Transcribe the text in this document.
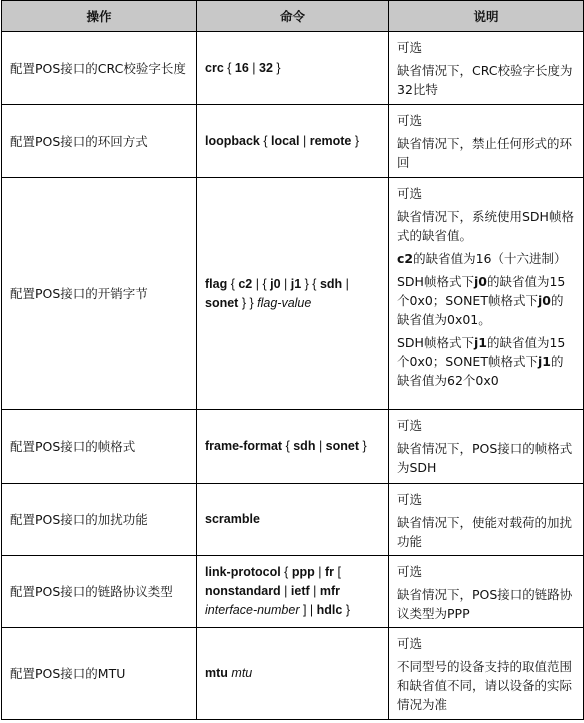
操作	命令	说明
配置POS接口的CRC校验字长度	crc { 16 | 32 }	可选

缺省情况下，CRC校验字长度为32比特

配置POS接口的环回方式	loopback { local | remote }	可选

缺省情况下，禁止任何形式的环回

配置POS接口的开销字节	flag { c2 | { j0 | j1 } { sdh | sonet } } flag-value	可选

缺省情况下，系统使用SDH帧格式的缺省值。

c2的缺省值为16（十六进制）

SDH帧格式下j0的缺省值为15个0x0；SONET帧格式下j0的缺省值为0x01。

SDH帧格式下j1的缺省值为15个0x0；SONET帧格式下j1的缺省值为62个0x0

配置POS接口的帧格式	frame-format { sdh | sonet }	可选

缺省情况下，POS接口的帧格式为SDH

配置POS接口的加扰功能	scramble	可选

缺省情况下，使能对载荷的加扰功能

配置POS接口的链路协议类型	link-protocol { ppp | fr [ nonstandard | ietf | mfr interface-number ] | hdlc }	可选

缺省情况下，POS接口的链路协议类型为PPP

配置POS接口的MTU	mtu mtu	可选

不同型号的设备支持的取值范围和缺省值不同，请以设备的实际情况为准
